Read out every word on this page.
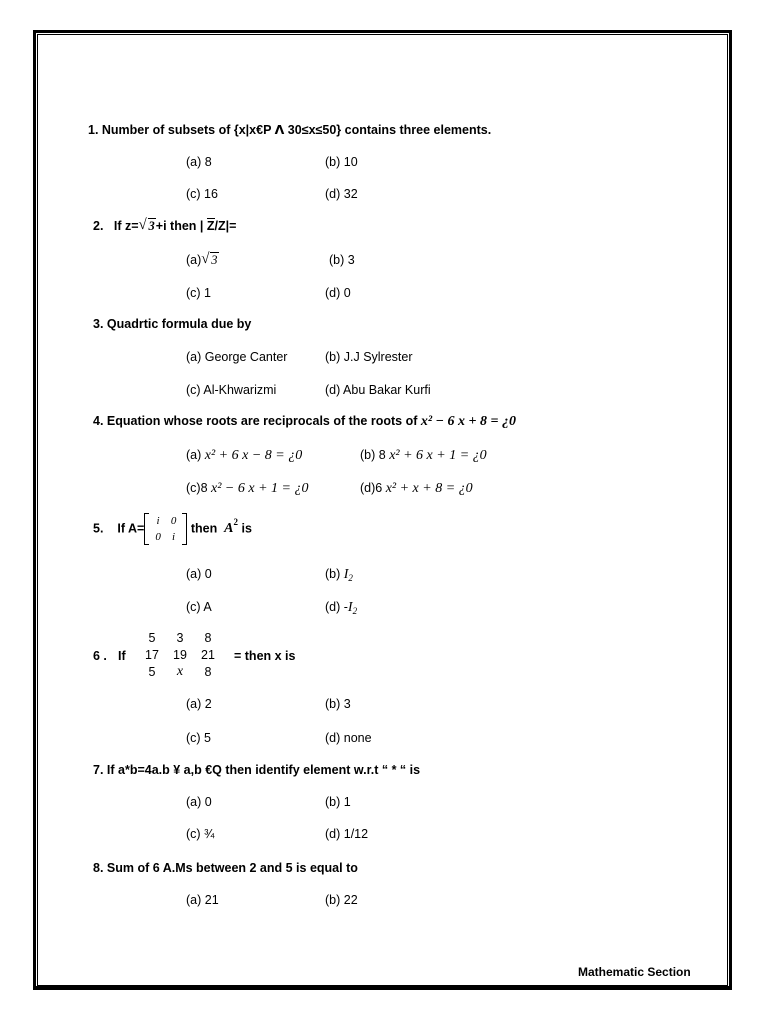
1. Number of subsets of {x|x€P ᐱ 30≤x≤50} contains three elements.
(a) 8	(b) 10
(c) 16	(d) 32
2. If z= √ 3+i then | Z/Z|=
(a) √ 3	(b) 3
(c) 1	(d) 0
3. Quadrtic formula due by
(a) George Canter	(b) J.J Sylrester
(c) Al-Khwarizmi	(d) Abu Bakar Kurfi
4. Equation whose roots are reciprocals of the roots of x² − 6 x + 8 = ¿0
(a) x² + 6 x − 8 = ¿0	(b) 8 x² + 6 x + 1 = ¿0
(c)8 x² − 6 x + 1 = ¿0	(d)6 x² + x + 8 = ¿0
5. If A=
i	0
0	i
then $A^2$ is
(a) 0	(b) $I_2$
(c) A	(d) $-I_2$
6 . If
5	3	8
17	19	21
5	x	8
= then x is
(a) 2	(b) 3
(c) 5	(d) none
7. If a*b=4a.b ¥ a,b €Q then identify element w.r.t “ * “ is
(a) 0	(b) 1
(c) ¾	(d) 1/12
8. Sum of 6 A.Ms between 2 and 5 is equal to
(a) 21	(b) 22
Mathematic Section
